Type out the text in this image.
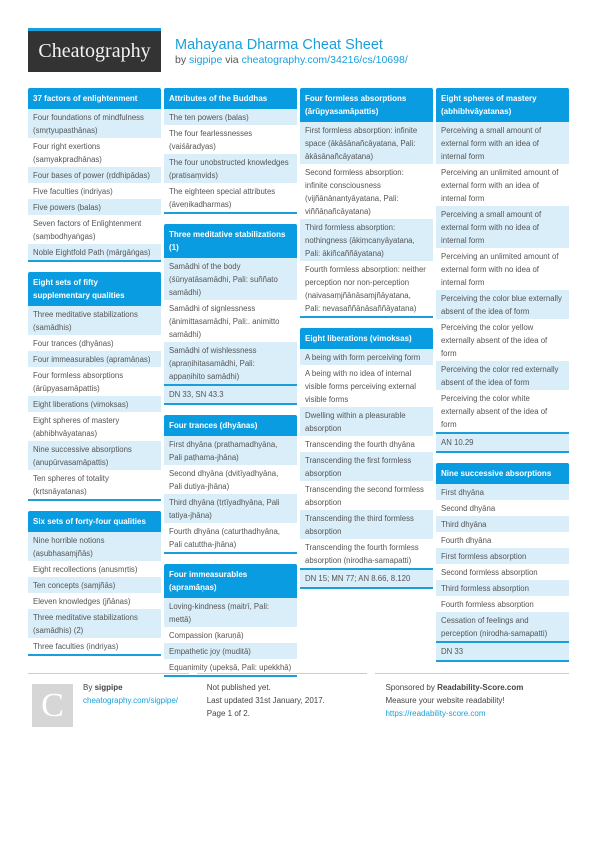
Cheatography	Mahayana Dharma Cheat Sheet
by sigpipe via cheatography.com/34216/cs/10698/
37 factors of enlightenment
Four foundations of mindfulness (smṛtyupasthānas)
Four right exertions (samyakpradhānas)
Four bases of power (ṛddhipādas)
Five faculties (indriyas)
Five powers (balas)
Seven factors of Enlightenment (saṃbodhyaṅgas)
Noble Eightfold Path (mārgāṅgas)
Eight sets of fifty supplementary qualities
Three meditative stabilizations (samādhis)
Four trances (dhyānas)
Four immeasurables (apramāṇas)
Four formless absorptions (ārūpyasamāpattis)
Eight liberations (vimoksas)
Eight spheres of mastery (abhibhvāyatanas)
Nine successive absorptions (anupūrvasamāpattis)
Ten spheres of totality (kṛtsnāyatanas)
Six sets of forty-four qualities
Nine horrible notions (aṣubhasaṃjñās)
Eight recollections (anusmṛtis)
Ten concepts (saṃjñās)
Eleven knowledges (jñānas)
Three meditative stabilizations (samādhis) (2)
Three faculties (indriyas)
Attributes of the Buddhas
The ten powers (balas)
The four fearlessnesses (vaiśāradyas)
The four unobstructed knowledges (pratisaṃvids)
The eighteen special attributes (āveṇikadharmas)
Three meditative stabilizations (1)
Samādhi of the body (śūnyatāsamādhi, Pali: suññato samādhi)
Samādhi of signlessness (ānimittasamādhi, Pali:. animitto samādhi)
Samādhi of wishlessness (apraṇihitasamādhi, Pali: appaṇihito samādhi)
DN 33, SN 43.3
Four trances (dhyānas)
First dhyāna (prathamadhyāna, Pali paṭhama-jhāna)
Second dhyāna (dvitīyadhyāna, Pali dutiya-jhāna)
Third dhyāna (tṛtīyadhyāna, Pali tatiya-jhāna)
Fourth dhyāna (caturthadhyāna, Pali catuttha-jhāna)
Four immeasurables (apramāṇas)
Loving-kindness (maitrī, Pali: mettā)
Compassion (karuṇā)
Empathetic joy (muditā)
Equanimity (upekṣā, Pali: upekkhā)
Four formless absorptions (ārūpyasamāpattis)
First formless absorption: infinite space (ākāśānañcāyatana, Pali: ākāsānañcāyatana)
Second formless absorption: infinite consciousness (vijñānānantyāyatana, Pali: viññāṇañcāyatana)
Third formless absorption: nothingness (ākiṃcanyāyatana, Pali: ākiñcaññāyatana)
Fourth formless absorption: neither perception nor non-perception (naivasaṃjñānāsaṃjñāyatana, Pali: nevasaññānāsaññāyatana)
Eight liberations (vimoksas)
A being with form perceiving form
A being with no idea of internal visible forms perceiving external visible forms
Dwelling within a pleasurable absorption
Transcending the fourth dhyāna
Transcending the first formless absorption
Transcending the second formless absorption
Transcending the third formless absorption
Transcending the fourth formless absorption (nirodha-samapatti)
DN 15; MN 77; AN 8.66, 8.120
Eight spheres of mastery (abhibhvāyatanas)
Perceiving a small amount of external form with an idea of internal form
Perceiving an unlimited amount of external form with an idea of internal form
Perceiving a small amount of external form with no idea of internal form
Perceiving an unlimited amount of external form with no idea of internal form
Perceiving the color blue externally absent of the idea of form
Perceiving the color yellow externally absent of the idea of form
Perceiving the color red externally absent of the idea of form
Perceiving the color white externally absent of the idea of form
AN 10.29
Nine successive absorptions
First dhyāna
Second dhyāna
Third dhyāna
Fourth dhyāna
First formless absorption
Second formless absorption
Third formless absorption
Fourth formless absorption
Cessation of feelings and perception (nirodha-samapatti)
DN 33
C	By sigpipe
cheatography.com/sigpipe/
Not published yet.
Last updated 31st January, 2017.
Page 1 of 2.
Sponsored by Readability-Score.com
Measure your website readability!
https://readability-score.com
